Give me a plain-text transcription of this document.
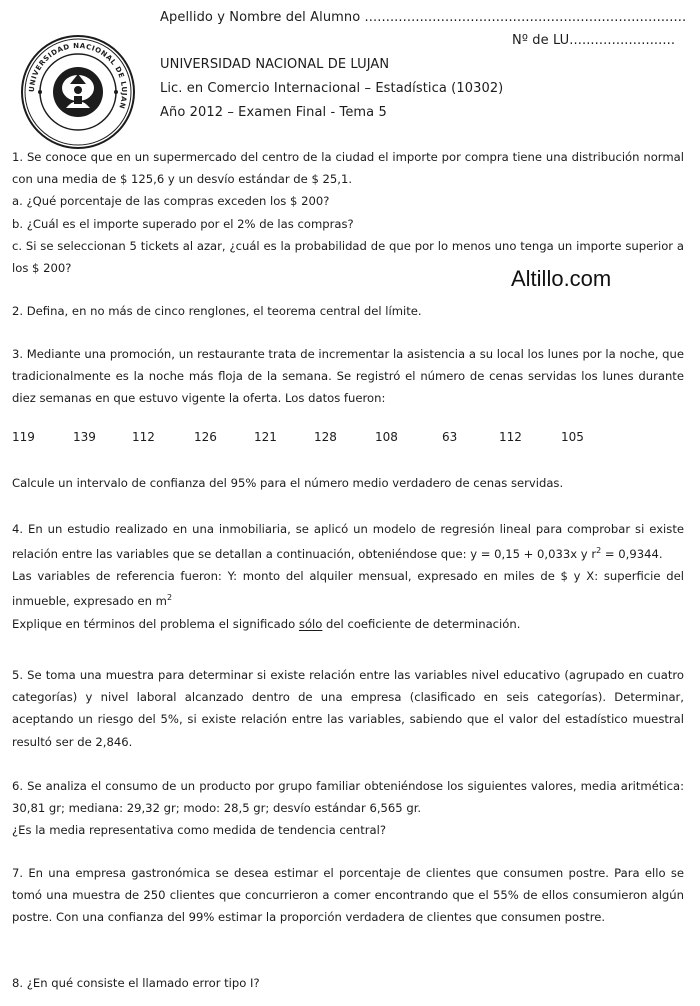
Apellido y Nombre del Alumno ............................................................................
Nº de LU.........................
UNIVERSIDAD NACIONAL DE LUJAN
UNIVERSIDAD NACIONAL DE LUJAN
Lic. en Comercio Internacional – Estadística (10302)
Año 2012 – Examen Final - Tema 5
Altillo.com

1. Se conoce que en un supermercado del centro de la ciudad el importe por compra tiene una distribución normal con una media de $ 125,6 y un desvío estándar de $ 25,1.

a. ¿Qué porcentaje de las compras exceden los $ 200?

b. ¿Cuál es el importe superado por el 2% de las compras?

c. Si se seleccionan 5 tickets al azar, ¿cuál es la probabilidad de que por lo menos uno tenga un importe superior a los $ 200?

2. Defina, en no más de cinco renglones, el teorema central del límite.

3. Mediante una promoción, un restaurante trata de incrementar la asistencia a su local los lunes por la noche, que tradicionalmente es la noche más floja de la semana. Se registró el número de cenas servidas los lunes durante diez semanas en que estuvo vigente la oferta. Los datos fueron:

119	139	112	126	121	128	108	63	112	105

Calcule un intervalo de confianza del 95% para el número medio verdadero de cenas servidas.

4. En un estudio realizado en una inmobiliaria, se aplicó un modelo de regresión lineal para comprobar si existe relación entre las variables que se detallan a continuación, obteniéndose que: y = 0,15 + 0,033x y $r^2 = 0,9344$.

Las variables de referencia fueron: Y: monto del alquiler mensual, expresado en miles de $ y X: superficie del inmueble, expresado en $m^2$

Explique en términos del problema el significado sólo del coeficiente de determinación.

5. Se toma una muestra para determinar si existe relación entre las variables nivel educativo (agrupado en cuatro categorías) y nivel laboral alcanzado dentro de una empresa (clasificado en seis categorías). Determinar, aceptando un riesgo del 5%, si existe relación entre las variables, sabiendo que el valor del estadístico muestral resultó ser de 2,846.

6. Se analiza el consumo de un producto por grupo familiar obteniéndose los siguientes valores, media aritmética: 30,81 gr; mediana: 29,32 gr; modo: 28,5 gr; desvío estándar 6,565 gr.

¿Es la media representativa como medida de tendencia central?

7. En una empresa gastronómica se desea estimar el porcentaje de clientes que consumen postre. Para ello se tomó una muestra de 250 clientes que concurrieron a comer encontrando que el 55% de ellos consumieron algún postre. Con una confianza del 99% estimar la proporción verdadera de clientes que consumen postre.

8. ¿En qué consiste el llamado error tipo I?
